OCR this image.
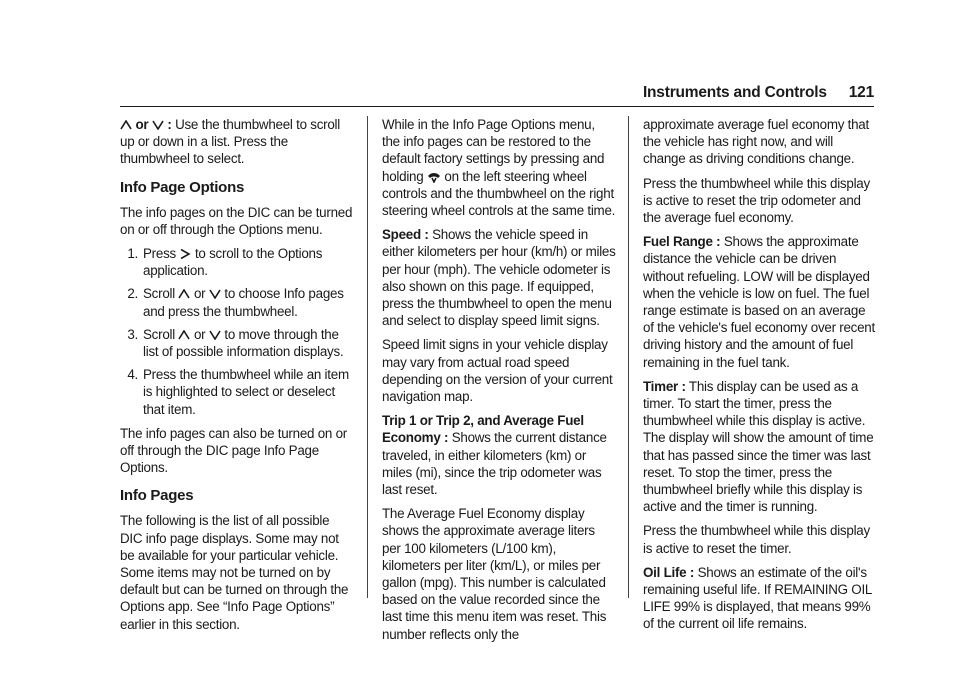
Instruments and Controls 121

or : Use the thumbwheel to scroll up or down in a list. Press the thumbwheel to select.

Info Page Options

The info pages on the DIC can be turned on or off through the Options menu.

1. Press to scroll to the Options application.
2. Scroll or to choose Info pages and press the thumbwheel.
3. Scroll or to move through the list of possible information displays.
4. Press the thumbwheel while an item is highlighted to select or deselect that item.

The info pages can also be turned on or off through the DIC page Info Page Options.

Info Pages

The following is the list of all possible DIC info page displays. Some may not be available for your particular vehicle. Some items may not be turned on by default but can be turned on through the Options app. See “Info Page Options” earlier in this section.

While in the Info Page Options menu, the info pages can be restored to the default factory settings by pressing and holding on the left steering wheel controls and the thumbwheel on the right steering wheel controls at the same time.

Speed : Shows the vehicle speed in either kilometers per hour (km/h) or miles per hour (mph). The vehicle odometer is also shown on this page. If equipped, press the thumbwheel to open the menu and select to display speed limit signs.

Speed limit signs in your vehicle display may vary from actual road speed depending on the version of your current navigation map.

Trip 1 or Trip 2, and Average Fuel Economy : Shows the current distance traveled, in either kilometers (km) or miles (mi), since the trip odometer was last reset.

The Average Fuel Economy display shows the approximate average liters per 100 kilometers (L/100 km), kilometers per liter (km/L), or miles per gallon (mpg). This number is calculated based on the value recorded since the last time this menu item was reset. This number reflects only the

approximate average fuel economy that the vehicle has right now, and will change as driving conditions change.

Press the thumbwheel while this display is active to reset the trip odometer and the average fuel economy.

Fuel Range : Shows the approximate distance the vehicle can be driven without refueling. LOW will be displayed when the vehicle is low on fuel. The fuel range estimate is based on an average of the vehicle's fuel economy over recent driving history and the amount of fuel remaining in the fuel tank.

Timer : This display can be used as a timer. To start the timer, press the thumbwheel while this display is active. The display will show the amount of time that has passed since the timer was last reset. To stop the timer, press the thumbwheel briefly while this display is active and the timer is running.

Press the thumbwheel while this display is active to reset the timer.

Oil Life : Shows an estimate of the oil's remaining useful life. If REMAINING OIL LIFE 99% is displayed, that means 99% of the current oil life remains.
